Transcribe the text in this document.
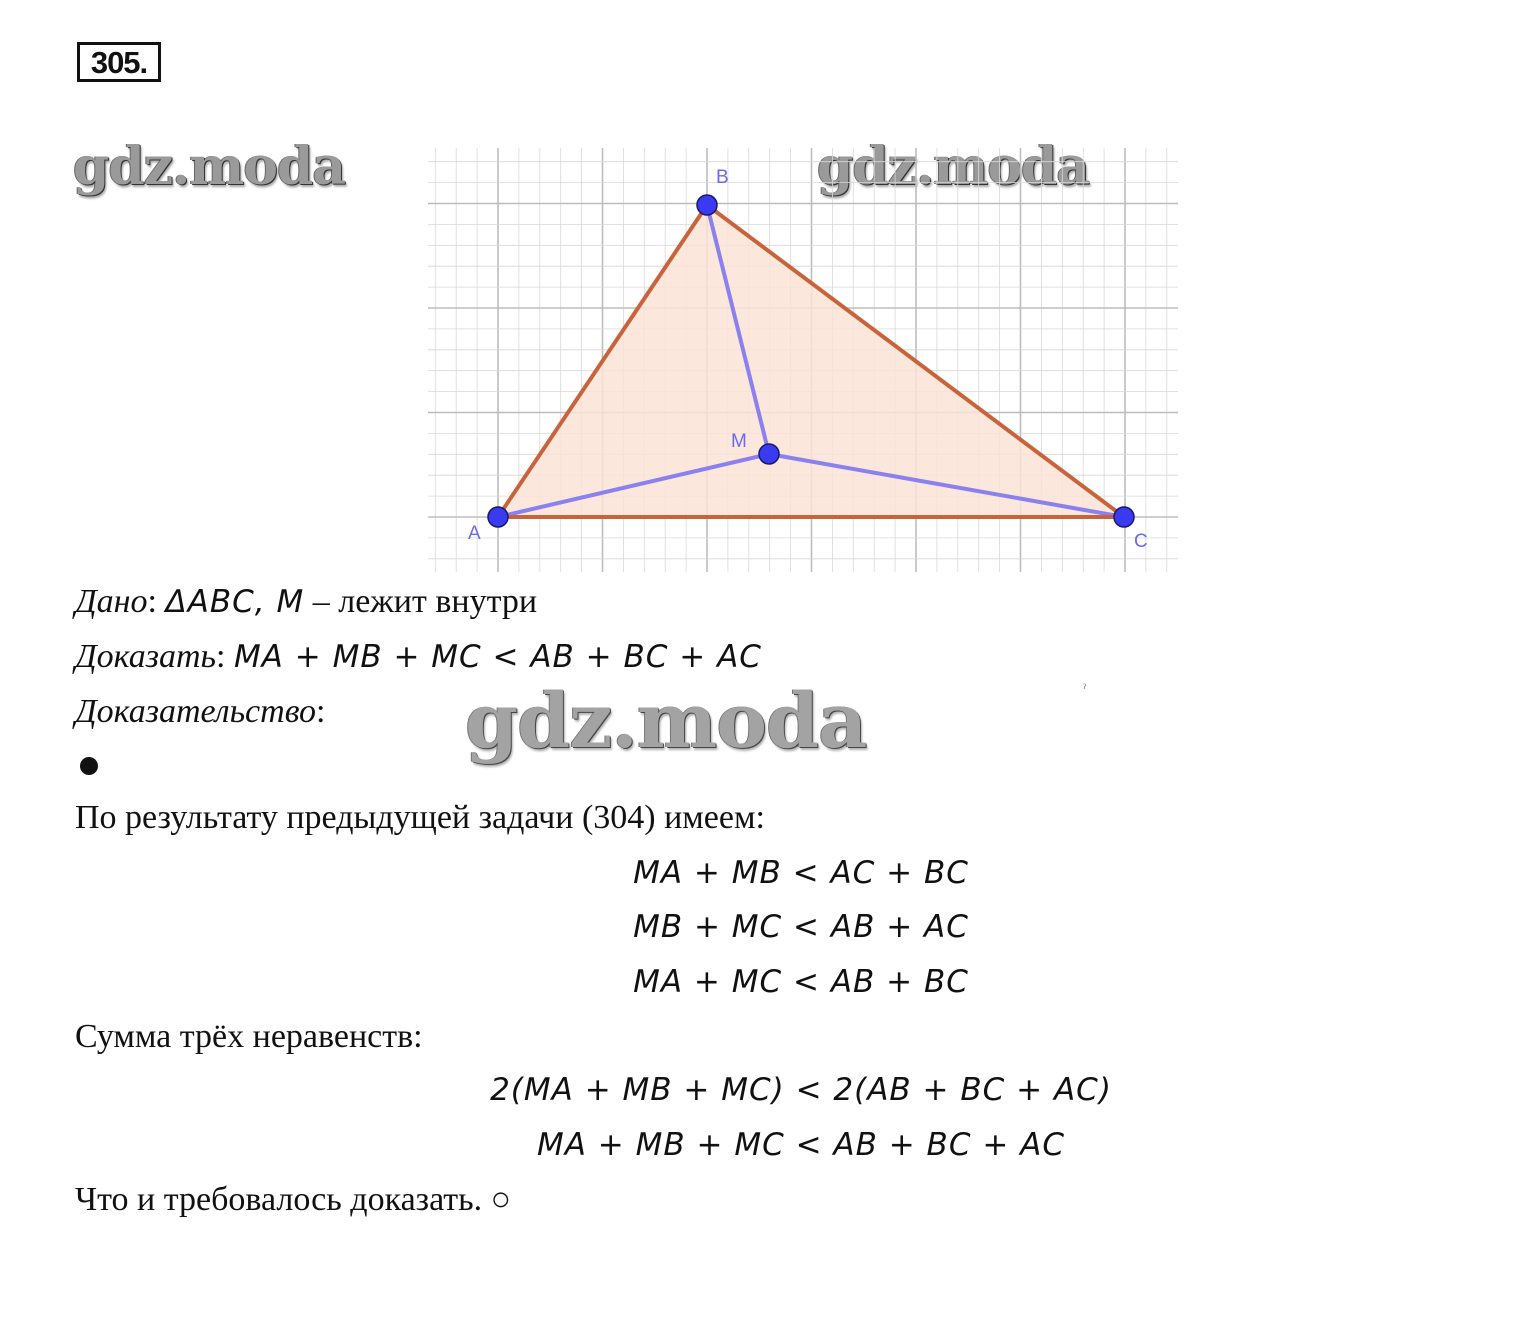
305.
gdz.moda	gdz.moda
A
B
C
M
Дано: ΔABC, M – лежит внутри
Доказать: MA + MB + MC < AB + BC + AC
Доказательство: gdz.moda	ˀ
По результату предыдущей задачи (304) имеем:
MA + MB < AC + BC
MB + MC < AB + AC
MA + MC < AB + BC
Сумма трёх неравенств:
2(MA + MB + MC) < 2(AB + BC + AC)
MA + MB + MC < AB + BC + AC
Что и требовалось доказать. ○
